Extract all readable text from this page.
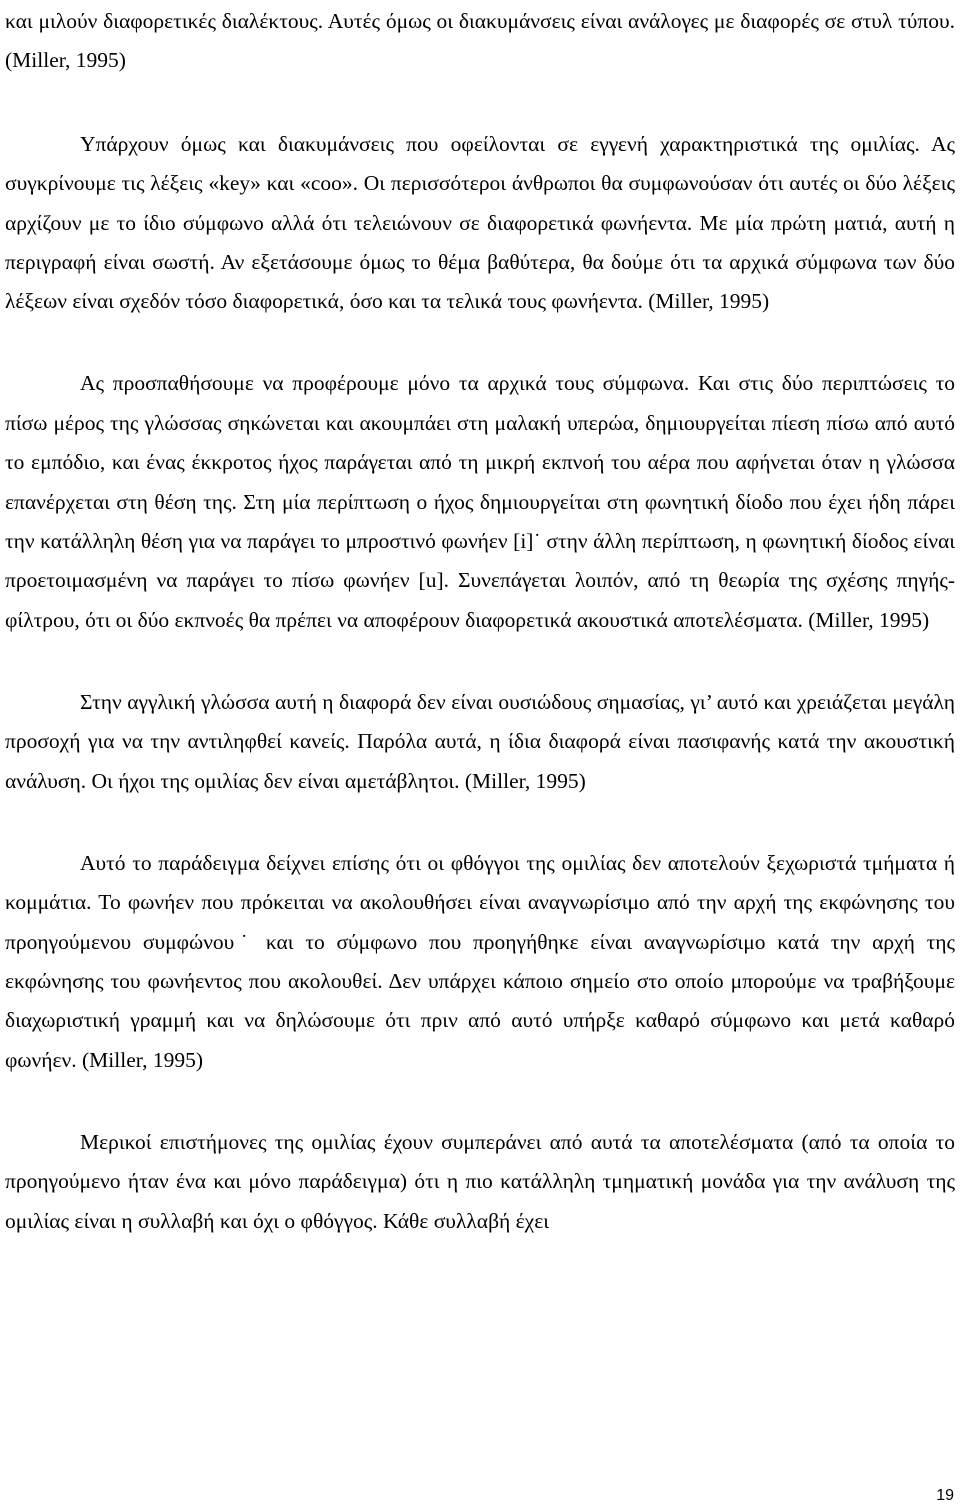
και μιλούν διαφορετικές διαλέκτους. Αυτές όμως οι διακυμάνσεις είναι ανάλογες με διαφορές σε στυλ τύπου. (Miller, 1995)

Υπάρχουν όμως και διακυμάνσεις που οφείλονται σε εγγενή χαρακτηριστικά της ομιλίας. Ας συγκρίνουμε τις λέξεις «key» και «coo». Οι περισσότεροι άνθρωποι θα συμφωνούσαν ότι αυτές οι δύο λέξεις αρχίζουν με το ίδιο σύμφωνο αλλά ότι τελειώνουν σε διαφορετικά φωνήεντα. Με μία πρώτη ματιά, αυτή η περιγραφή είναι σωστή. Αν εξετάσουμε όμως το θέμα βαθύτερα, θα δούμε ότι τα αρχικά σύμφωνα των δύο λέξεων είναι σχεδόν τόσο διαφορετικά, όσο και τα τελικά τους φωνήεντα. (Miller, 1995)

Ας προσπαθήσουμε να προφέρουμε μόνο τα αρχικά τους σύμφωνα. Και στις δύο περιπτώσεις το πίσω μέρος της γλώσσας σηκώνεται και ακουμπάει στη μαλακή υπερώα, δημιουργείται πίεση πίσω από αυτό το εμπόδιο, και ένας έκκροτος ήχος παράγεται από τη μικρή εκπνοή του αέρα που αφήνεται όταν η γλώσσα επανέρχεται στη θέση της. Στη μία περίπτωση ο ήχος δημιουργείται στη φωνητική δίοδο που έχει ήδη πάρει την κατάλληλη θέση για να παράγει το μπροστινό φωνήεν [i]˙ στην άλλη περίπτωση, η φωνητική δίοδος είναι προετοιμασμένη να παράγει το πίσω φωνήεν [u]. Συνεπάγεται λοιπόν, από τη θεωρία της σχέσης πηγής-φίλτρου, ότι οι δύο εκπνοές θα πρέπει να αποφέρουν διαφορετικά ακουστικά αποτελέσματα. (Miller, 1995)

Στην αγγλική γλώσσα αυτή η διαφορά δεν είναι ουσιώδους σημασίας, γι’ αυτό και χρειάζεται μεγάλη προσοχή για να την αντιληφθεί κανείς. Παρόλα αυτά, η ίδια διαφορά είναι πασιφανής κατά την ακουστική ανάλυση. Οι ήχοι της ομιλίας δεν είναι αμετάβλητοι. (Miller, 1995)

Αυτό το παράδειγμα δείχνει επίσης ότι οι φθόγγοι της ομιλίας δεν αποτελούν ξεχωριστά τμήματα ή κομμάτια. Το φωνήεν που πρόκειται να ακολουθήσει είναι αναγνωρίσιμο από την αρχή της εκφώνησης του προηγούμενου συμφώνου˙ και το σύμφωνο που προηγήθηκε είναι αναγνωρίσιμο κατά την αρχή της εκφώνησης του φωνήεντος που ακολουθεί. Δεν υπάρχει κάποιο σημείο στο οποίο μπορούμε να τραβήξουμε διαχωριστική γραμμή και να δηλώσουμε ότι πριν από αυτό υπήρξε καθαρό σύμφωνο και μετά καθαρό φωνήεν. (Miller, 1995)

Μερικοί επιστήμονες της ομιλίας έχουν συμπεράνει από αυτά τα αποτελέσματα (από τα οποία το προηγούμενο ήταν ένα και μόνο παράδειγμα) ότι η πιο κατάλληλη τμηματική μονάδα για την ανάλυση της ομιλίας είναι η συλλαβή και όχι ο φθόγγος. Κάθε συλλαβή έχει

19
